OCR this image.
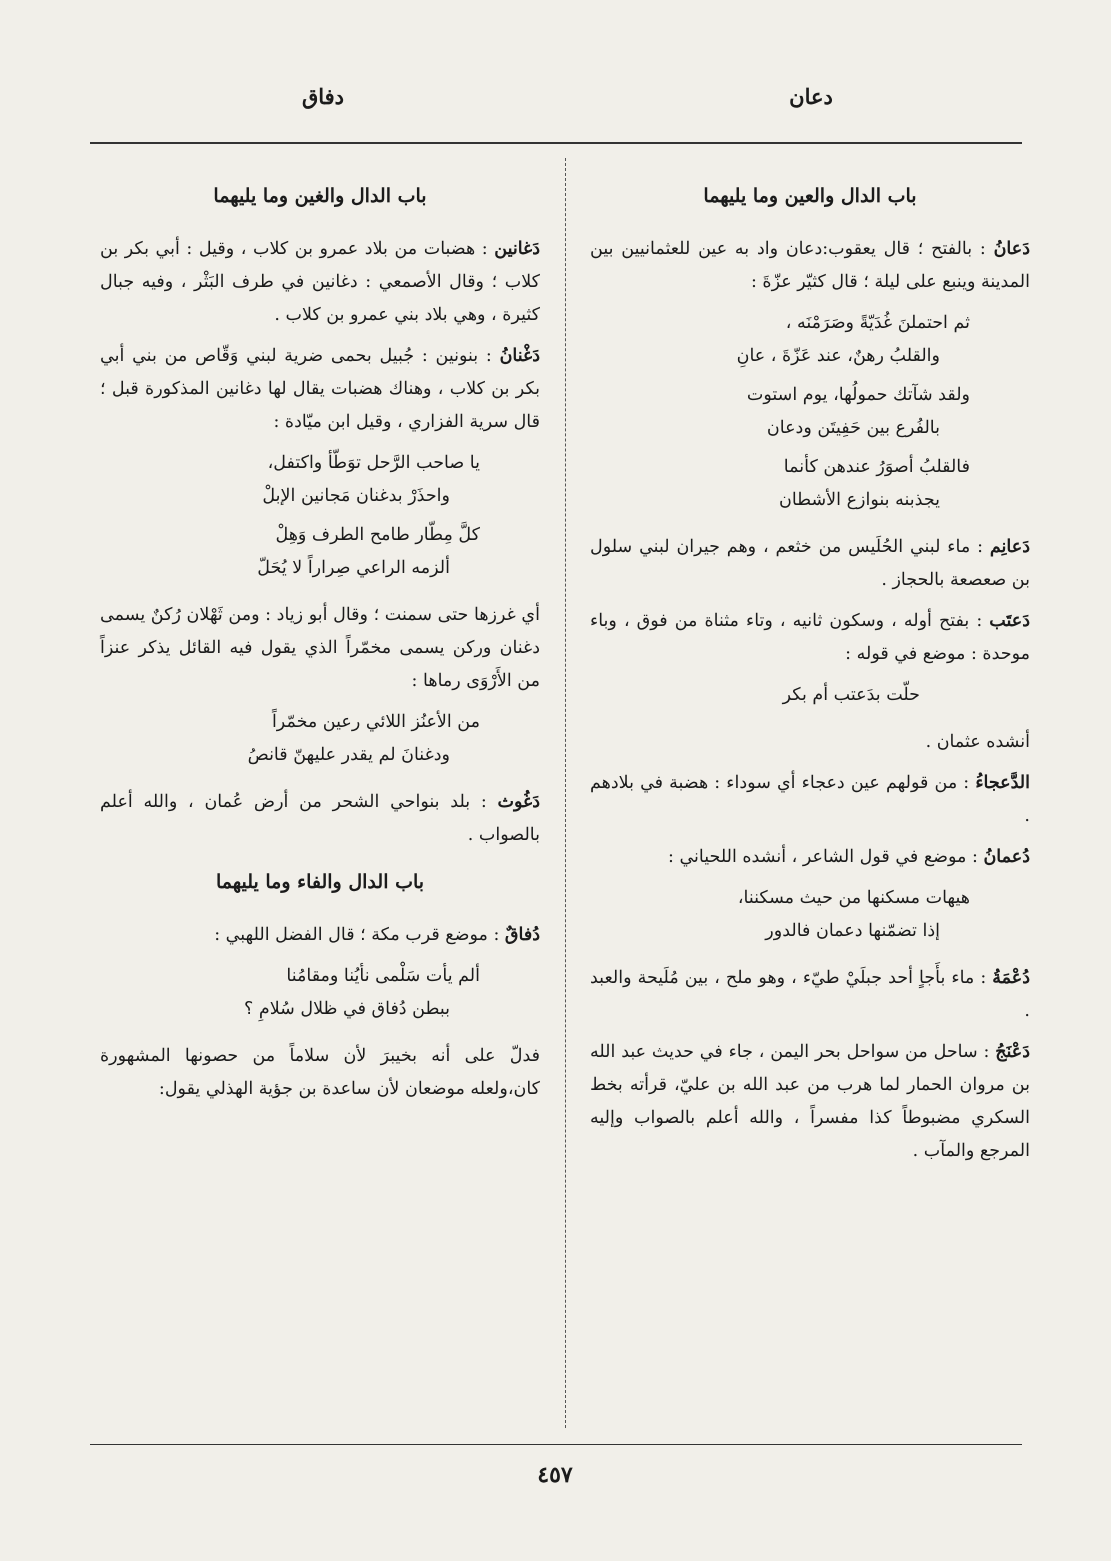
دعان
دفاق
باب الدال والعين وما يليهما
دَعانُ : بالفتح ؛ قال يعقوب:دعان واد به عين للعثمانيين بين المدينة وينبع على ليلة ؛ قال كثيّر عزّةَ :
ثم احتملنَ غُدَيّةً وصَرَمْنَه ،
والقلبُ رهنٌ، عند عَزّةَ ، عانِ
ولقد شآتك حمولُها، يوم استوت
بالفُرع بين حَفِيتَن ودعان
فالقلبُ أصوَرُ عندهن كأنما
يجذبنه بنوازع الأشطان
دَعانِم : ماء لبني الحُلَيس من خثعم ، وهم جيران لبني سلول بن صعصعة بالحجاز .
دَعتَب : بفتح أوله ، وسكون ثانيه ، وتاء مثناة من فوق ، وباء موحدة : موضع في قوله :
حلّت بدَعتب أم بكر
أنشده عثمان .
الدَّعجاءُ : من قولهم عين دعجاء أي سوداء : هضبة في بلادهم .
دُعمانُ : موضع في قول الشاعر ، أنشده اللحياني :
هيهات مسكنها من حيث مسكننا،
إذا تضمّنها دعمان فالدور
دُعْمَةُ : ماء بأَجاٍ أحد جبلَيْ طيّء ، وهو ملح ، بين مُلَيحة والعبد .
دَعْنَجُ : ساحل من سواحل بحر اليمن ، جاء في حديث عبد الله بن مروان الحمار لما هرب من عبد الله بن عليّ، قرأته بخط السكري مضبوطاً كذا مفسراً ، والله أعلم بالصواب وإليه المرجع والمآب .
باب الدال والغين وما يليهما
دَغانين : هضبات من بلاد عمرو بن كلاب ، وقيل : أبي بكر بن كلاب ؛ وقال الأصمعي : دغانين في طرف البَثْر ، وفيه جبال كثيرة ، وهي بلاد بني عمرو بن كلاب .
دَغْنانُ : بنونين : جُبيل بحمى ضرية لبني وَقّاص من بني أبي بكر بن كلاب ، وهناك هضبات يقال لها دغانين المذكورة قبل ؛ قال سرية الفزاري ، وقيل ابن ميّادة :
يا صاحب الرَّحل توَطّأ واكتفل،
واحذَرْ بدغنان مَجانين الإبلْ
كلَّ مِطّار طامح الطرف وَهِلْ
ألزمه الراعي صِراراً لا يُحَلّ
أي غرزها حتى سمنت ؛ وقال أبو زياد : ومن ثَهْلان رُكنٌ يسمى دغنان وركن يسمى مخمّراً الذي يقول فيه القائل يذكر عنزاً من الأَرْوَى رماها :
من الأعنُز اللائي رعين مخمّراً
ودغنانَ لم يقدر عليهنّ قانصُ
دَغُوث : بلد بنواحي الشحر من أرض عُمان ، والله أعلم بالصواب .
باب الدال والفاء وما يليهما
دُفاقٌ : موضع قرب مكة ؛ قال الفضل اللهبي :
ألم يأت سَلْمى نأيُنا ومقامُنا
ببطن دُفاق في ظلال سُلامِ ؟
فدلّ على أنه بخيبرَ لأن سلاماً من حصونها المشهورة كان،ولعله موضعان لأن ساعدة بن جؤية الهذلي يقول:
٤٥٧
